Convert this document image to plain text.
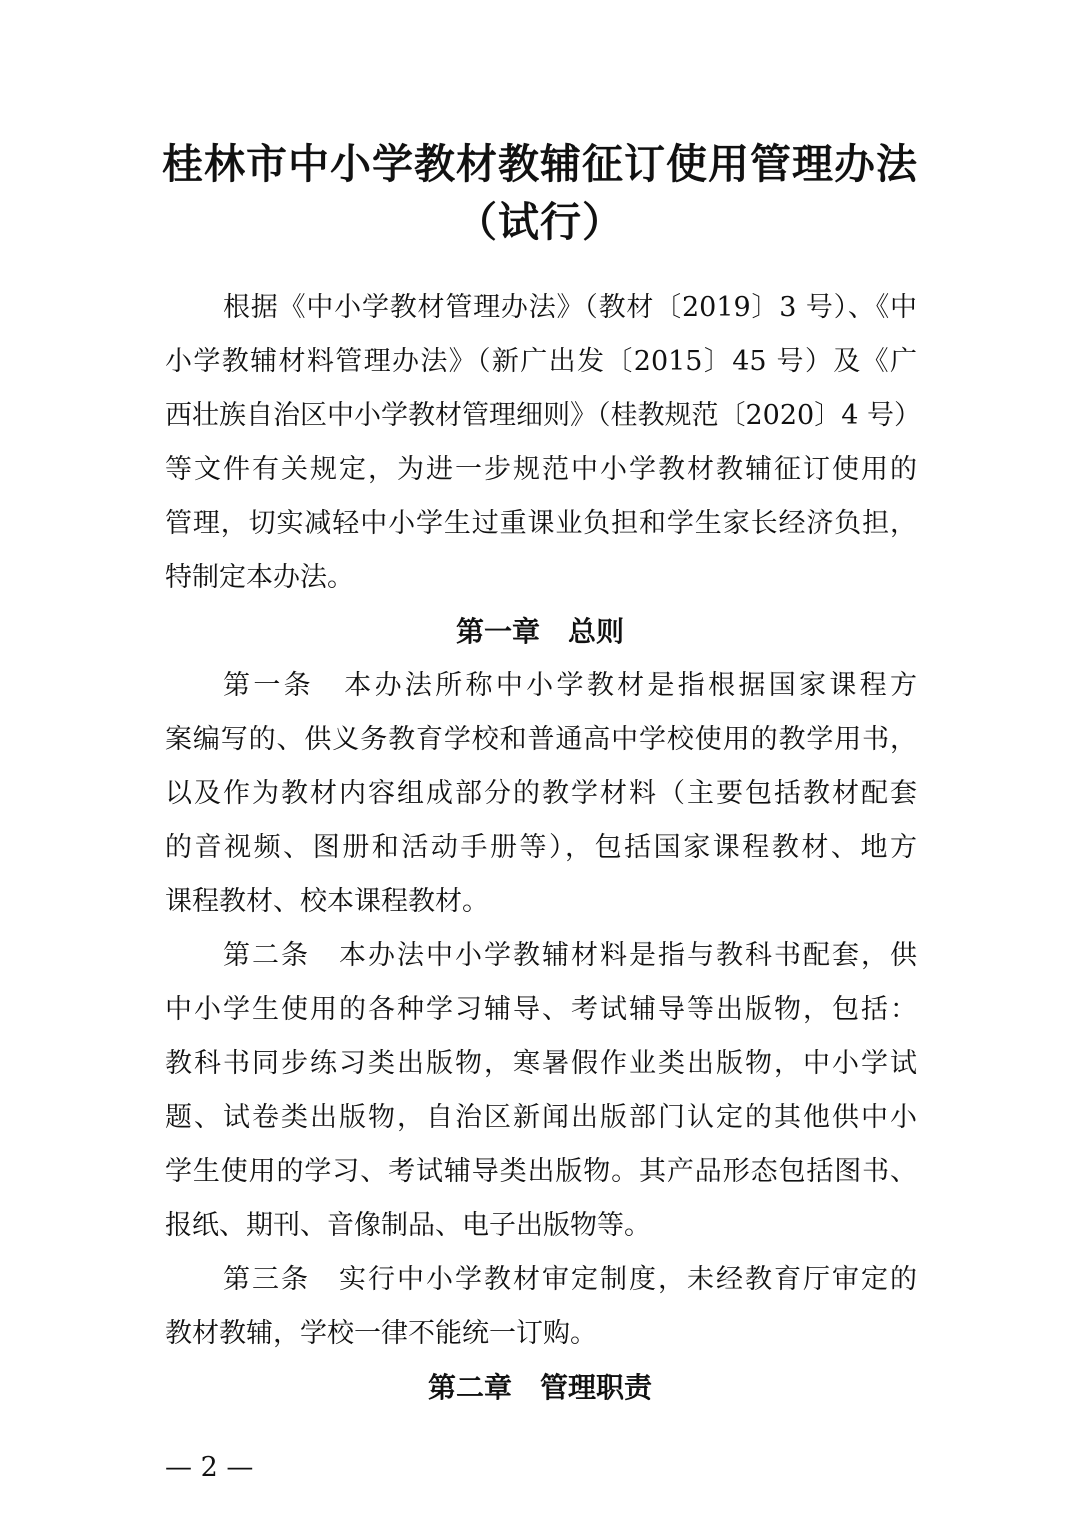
桂林市中小学教材教辅征订使用管理办法
（试行）
根据《中小学教材管理办法》（教材〔2019〕3 号）、《中
小学教辅材料管理办法》（新广出发〔2015〕45 号）及《广
西壮族自治区中小学教材管理细则》（桂教规范〔2020〕4 号）
等文件有关规定，为进一步规范中小学教材教辅征订使用的
管理，切实减轻中小学生过重课业负担和学生家长经济负担，
特制定本办法。
第一章　总则
第一条　本办法所称中小学教材是指根据国家课程方
案编写的、供义务教育学校和普通高中学校使用的教学用书，
以及作为教材内容组成部分的教学材料（主要包括教材配套
的音视频、图册和活动手册等），包括国家课程教材、地方
课程教材、校本课程教材。
第二条　本办法中小学教辅材料是指与教科书配套，供
中小学生使用的各种学习辅导、考试辅导等出版物，包括：
教科书同步练习类出版物，寒暑假作业类出版物，中小学试
题、试卷类出版物，自治区新闻出版部门认定的其他供中小
学生使用的学习、考试辅导类出版物。其产品形态包括图书、
报纸、期刊、音像制品、电子出版物等。
第三条　实行中小学教材审定制度，未经教育厅审定的
教材教辅，学校一律不能统一订购。
第二章　管理职责
— 2 —
